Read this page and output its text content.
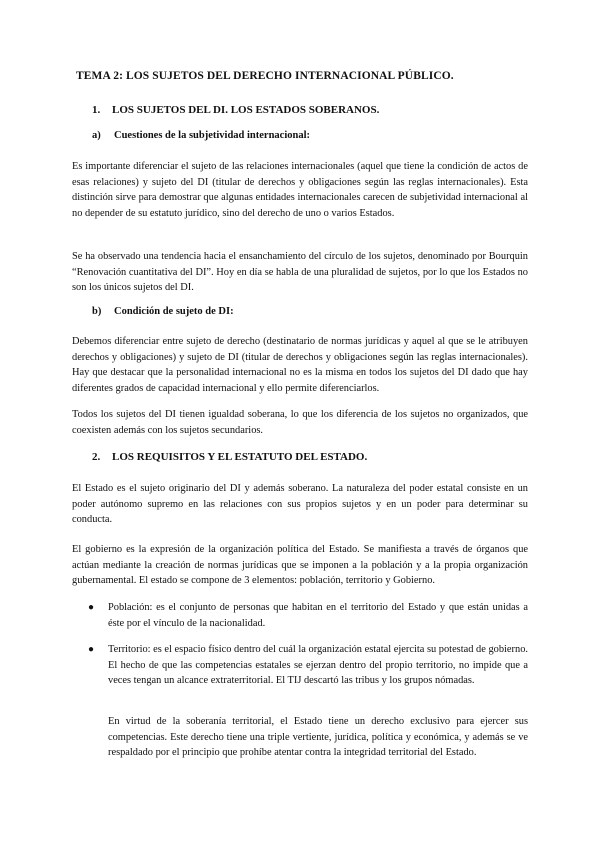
TEMA 2: LOS SUJETOS DEL DERECHO INTERNACIONAL PÚBLICO.
1. LOS SUJETOS DEL DI. LOS ESTADOS SOBERANOS.
a) Cuestiones de la subjetividad internacional:
Es importante diferenciar el sujeto de las relaciones internacionales (aquel que tiene la condición de actos de esas relaciones) y sujeto del DI (titular de derechos y obligaciones según las reglas internacionales). Esta distinción sirve para demostrar que algunas entidades internacionales carecen de subjetividad internacional al no depender de su estatuto jurídico, sino del derecho de uno o varios Estados.
Se ha observado una tendencia hacia el ensanchamiento del círculo de los sujetos, denominado por Bourquin “Renovación cuantitativa del DI”. Hoy en día se habla de una pluralidad de sujetos, por lo que los Estados no son los únicos sujetos del DI.
b) Condición de sujeto de DI:
Debemos diferenciar entre sujeto de derecho (destinatario de normas jurídicas y aquel al que se le atribuyen derechos y obligaciones) y sujeto de DI (titular de derechos y obligaciones según las reglas internacionales). Hay que destacar que la personalidad internacional no es la misma en todos los sujetos del DI dado que hay diferentes grados de capacidad internacional y ello permite diferenciarlos.
Todos los sujetos del DI tienen igualdad soberana, lo que los diferencia de los sujetos no organizados, que coexisten además con los sujetos secundarios.
2. LOS REQUISITOS Y EL ESTATUTO DEL ESTADO.
El Estado es el sujeto originario del DI y además soberano. La naturaleza del poder estatal consiste en un poder autónomo supremo en las relaciones con sus propios sujetos y en un poder para determinar su conducta.
El gobierno es la expresión de la organización política del Estado. Se manifiesta a través de órganos que actúan mediante la creación de normas jurídicas que se imponen a la población y a la propia organización gubernamental. El estado se compone de 3 elementos: población, territorio y Gobierno.
● Población: es el conjunto de personas que habitan en el territorio del Estado y que están unidas a éste por el vínculo de la nacionalidad.
● Territorio: es el espacio físico dentro del cuál la organización estatal ejercita su potestad de gobierno. El hecho de que las competencias estatales se ejerzan dentro del propio territorio, no impide que a veces tengan un alcance extraterritorial. El TIJ descartó las tribus y los grupos nómadas.
En virtud de la soberanía territorial, el Estado tiene un derecho exclusivo para ejercer sus competencias. Este derecho tiene una triple vertiente, jurídica, política y económica, y además se ve respaldado por el principio que prohíbe atentar contra la integridad territorial del Estado.
